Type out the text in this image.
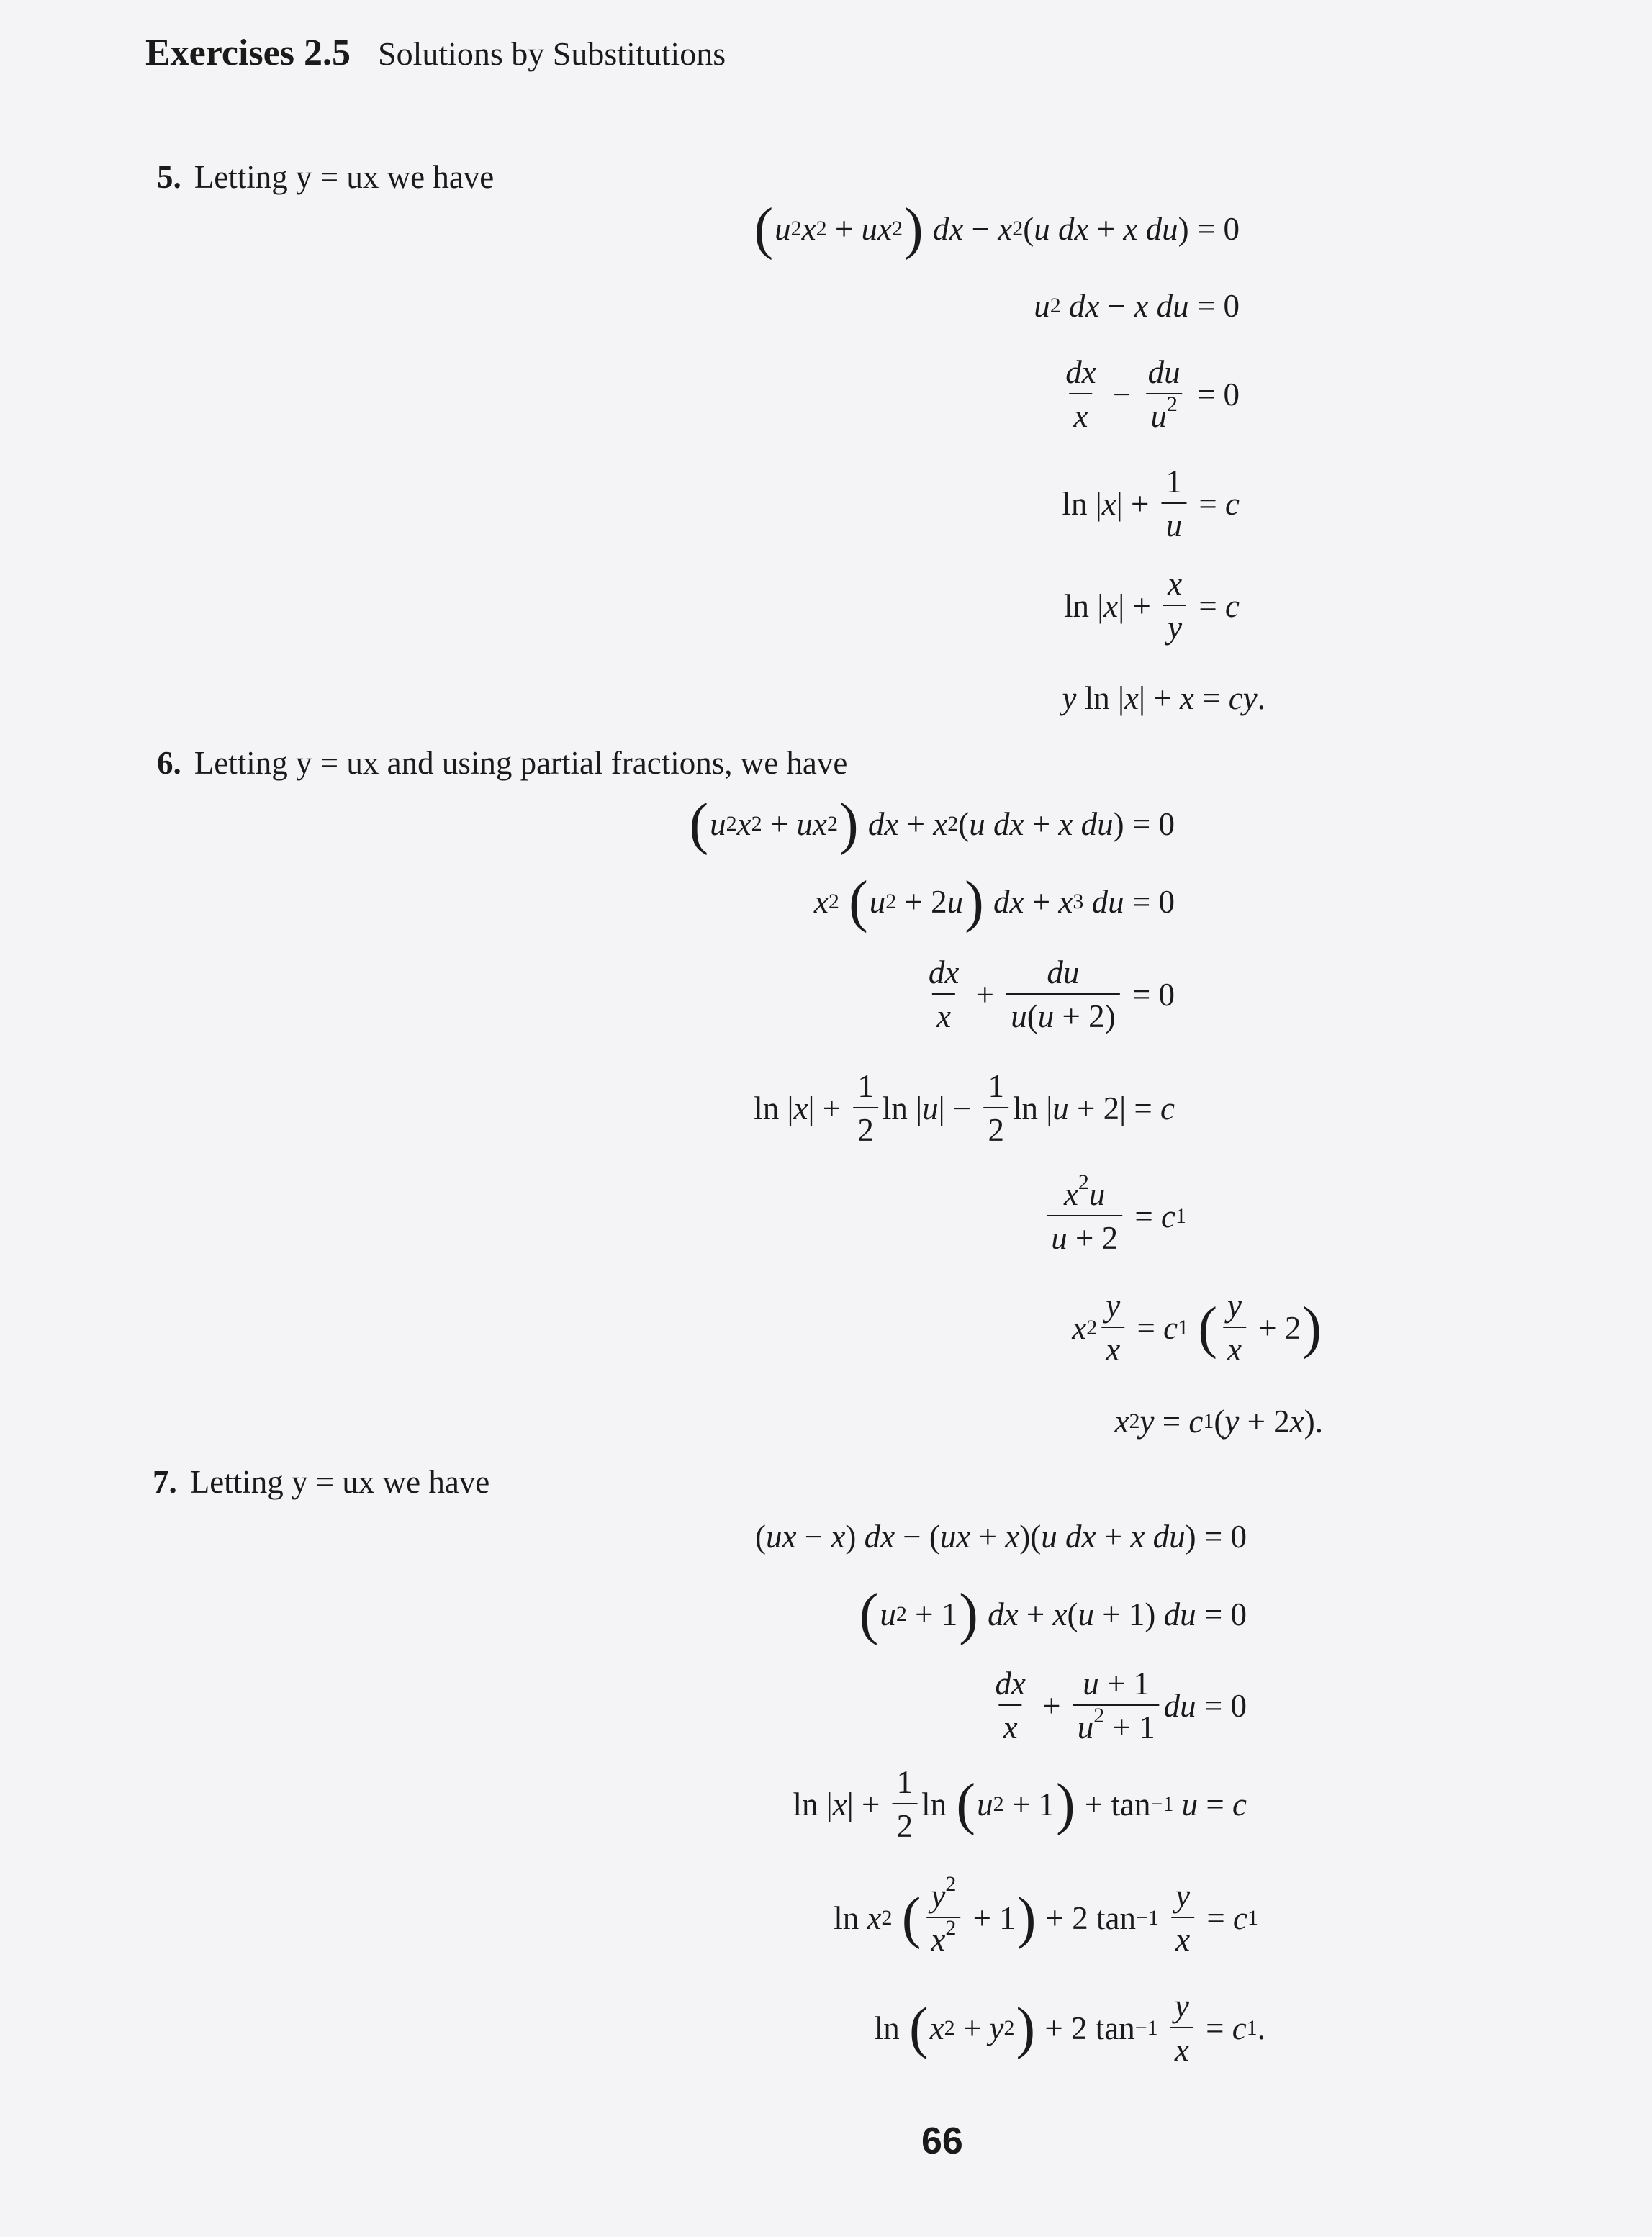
Exercises 2.5 Solutions by Substitutions
5. Letting y = ux we have
( u 2 x 2 + ux 2 ) dx − x 2 ( u dx + x du ) = 0
u 2 dx − x du = 0
$\frac{dx}{x} - \frac{du}{u^2} = 0$
ln | x | + $\frac{1}{u} = c$
ln | x | + $\frac{x}{y} = c$
y ln | x | + x = cy .
6. Letting y = ux and using partial fractions, we have
( u 2 x 2 + ux 2 ) dx + x 2 ( u dx + x du ) = 0
x 2
( u 2 + 2 u ) dx + x 3 du = 0
$\frac{dx}{x} + \frac{du}{u(u + 2)} = 0$
ln | x | + $\frac{1}{2}$ ln | u | − $\frac{1}{2}$ ln | u + 2| = c
$\frac{x^2u}{u + 2} = c$ 1
x $2 \frac{y}{x} = c$ 1
( $\frac{y}{x} + 2$ )
x 2 y = c 1 ( y + 2 x ).
7. Letting y = ux we have
( ux − x ) dx − ( ux + x )( u dx + x du ) = 0
( u 2 + 1 ) dx + x ( u + 1) du = 0
$\frac{dx}{x} + \frac{u + 1}{u^2 + 1}$ du = 0
ln | x | + $\frac{1}{2}$ ln ( u 2 + 1 ) + tan −1 u = c
ln x 2
( $\frac{y^2}{x^2} + 1$ ) + 2 tan −1
$\frac{y}{x} = c$ 1
ln ( x 2 + y 2 ) + 2 tan −1
$\frac{y}{x} = c$ 1 .
66
